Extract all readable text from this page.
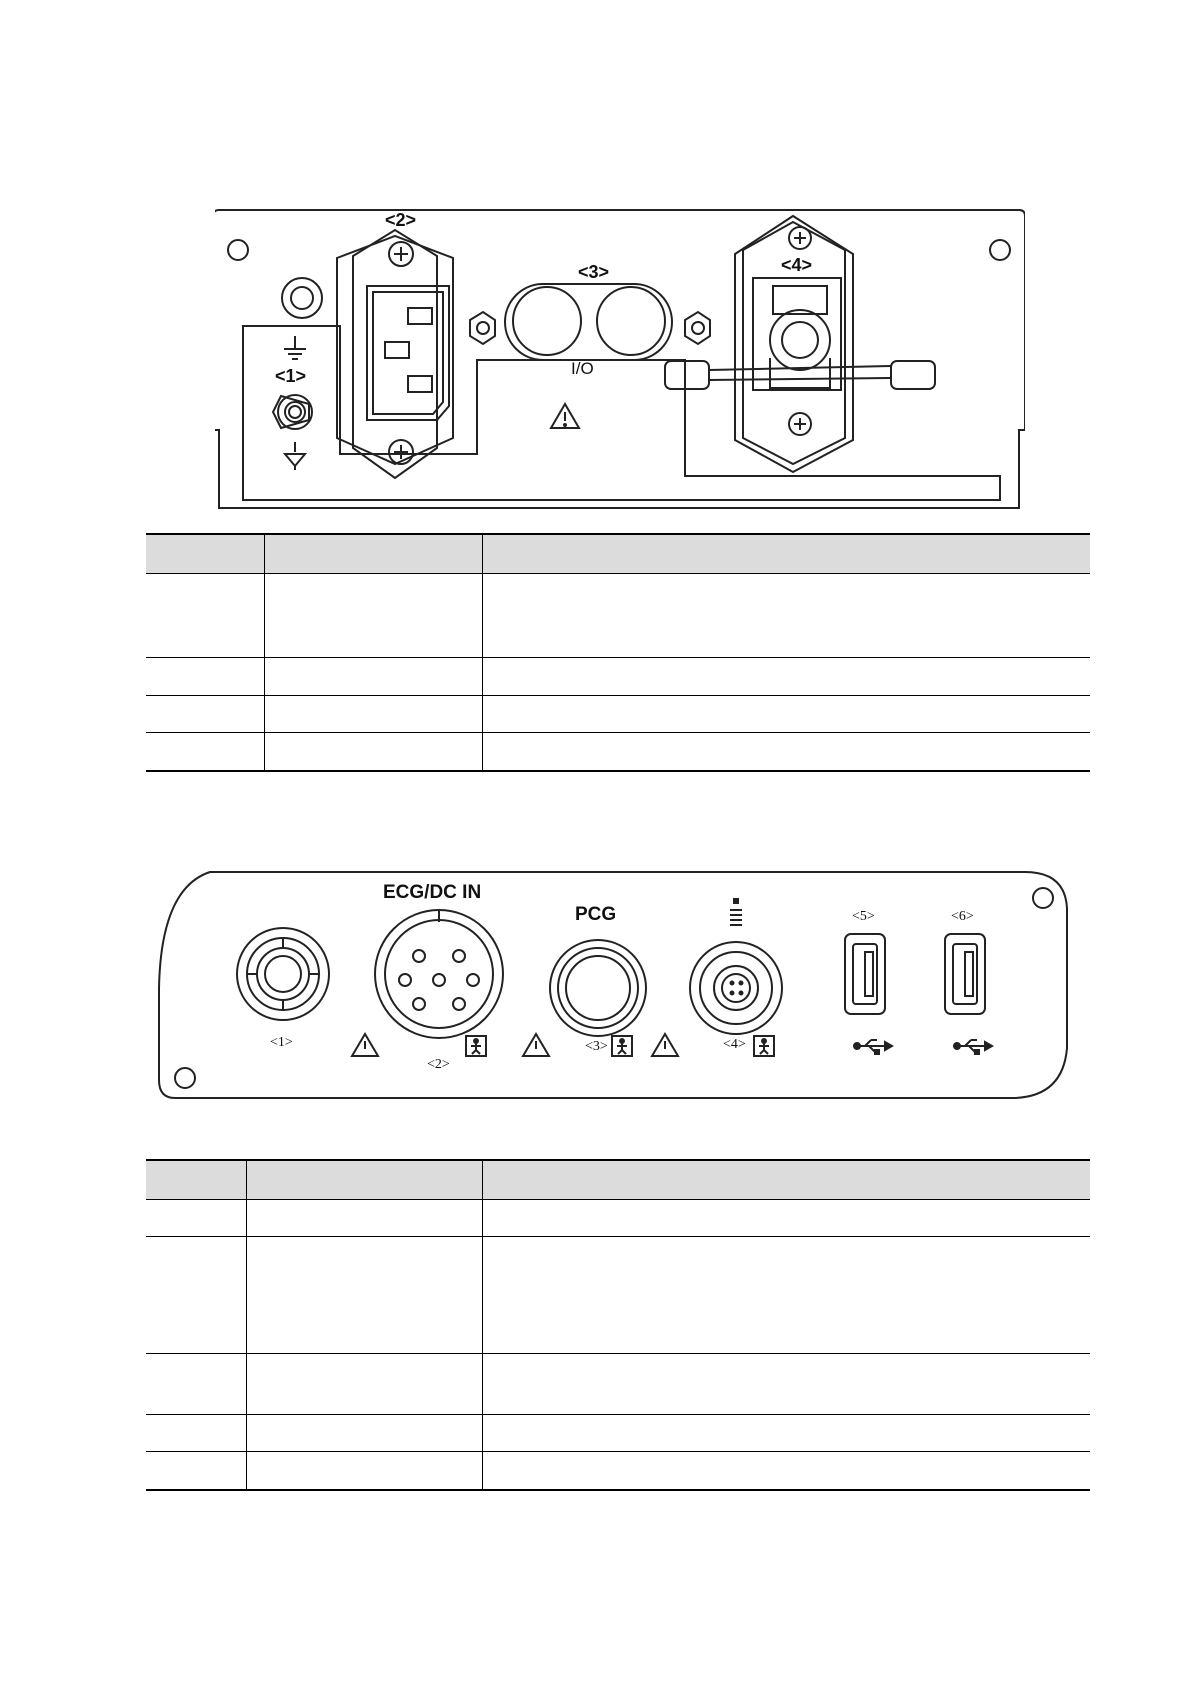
<1>
<2>
<3>
I/O
<4>

<1>
ECG/DC IN
<2>
PCG
<3>	<4>
<5>	<6>
